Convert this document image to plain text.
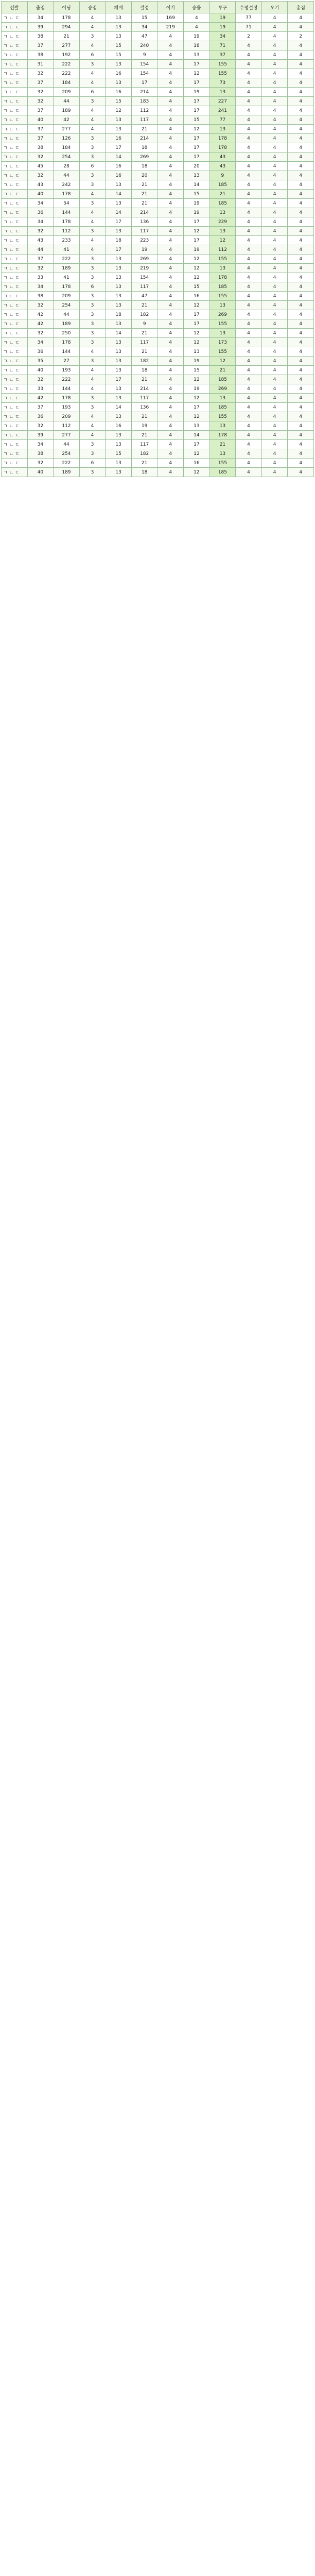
선발	출점	이닝	승점	패배	결정	이기	승률	투구	수평결정	오기	총점
ㄱ ㄴ ㄷ	34	178	4	13	15	169	4	19	77	4	4
ㄱ ㄴ ㄷ	39	294	4	13	34	219	4	19	71	4	4
ㄱ ㄴ ㄷ	38	21	3	13	47	4	19	34	2	4	2
ㄱ ㄴ ㄷ	37	277	4	15	240	4	18	71	4	4	4
ㄱ ㄴ ㄷ	38	192	6	15	9	4	13	37	4	4	4
ㄱ ㄴ ㄷ	31	222	3	13	154	4	17	155	4	4	4
ㄱ ㄴ ㄷ	32	222	4	16	154	4	12	155	4	4	4
ㄱ ㄴ ㄷ	37	184	4	13	17	4	17	73	4	4	4
ㄱ ㄴ ㄷ	32	209	6	16	214	4	19	13	4	4	4
ㄱ ㄴ ㄷ	32	44	3	15	183	4	17	227	4	4	4
ㄱ ㄴ ㄷ	37	189	4	12	112	4	17	241	4	4	4
ㄱ ㄴ ㄷ	40	42	4	13	117	4	15	77	4	4	4
ㄱ ㄴ ㄷ	37	277	4	13	21	4	12	13	4	4	4
ㄱ ㄴ ㄷ	37	126	3	16	214	4	17	178	4	4	4
ㄱ ㄴ ㄷ	38	184	3	17	18	4	17	178	4	4	4
ㄱ ㄴ ㄷ	32	254	3	14	269	4	17	43	4	4	4
ㄱ ㄴ ㄷ	45	28	6	16	18	4	20	43	4	4	4
ㄱ ㄴ ㄷ	32	44	3	16	20	4	13	9	4	4	4
ㄱ ㄴ ㄷ	43	242	3	13	21	4	14	185	4	4	4
ㄱ ㄴ ㄷ	40	178	4	14	21	4	15	21	4	4	4
ㄱ ㄴ ㄷ	34	54	3	13	21	4	19	185	4	4	4
ㄱ ㄴ ㄷ	36	144	4	14	214	4	19	13	4	4	4
ㄱ ㄴ ㄷ	34	178	4	17	136	4	17	229	4	4	4
ㄱ ㄴ ㄷ	32	112	3	13	117	4	12	13	4	4	4
ㄱ ㄴ ㄷ	43	233	4	18	223	4	17	12	4	4	4
ㄱ ㄴ ㄷ	44	41	4	17	19	4	19	112	4	4	4
ㄱ ㄴ ㄷ	37	222	3	13	269	4	12	155	4	4	4
ㄱ ㄴ ㄷ	32	189	3	13	219	4	12	13	4	4	4
ㄱ ㄴ ㄷ	33	41	3	13	154	4	12	178	4	4	4
ㄱ ㄴ ㄷ	34	178	6	13	117	4	15	185	4	4	4
ㄱ ㄴ ㄷ	38	209	3	13	47	4	16	155	4	4	4
ㄱ ㄴ ㄷ	32	254	3	13	21	4	12	13	4	4	4
ㄱ ㄴ ㄷ	42	44	3	18	182	4	17	269	4	4	4
ㄱ ㄴ ㄷ	42	189	3	13	9	4	17	155	4	4	4
ㄱ ㄴ ㄷ	32	250	3	14	21	4	12	13	4	4	4
ㄱ ㄴ ㄷ	34	178	3	13	117	4	12	173	4	4	4
ㄱ ㄴ ㄷ	36	144	4	13	21	4	13	155	4	4	4
ㄱ ㄴ ㄷ	35	27	3	13	182	4	19	12	4	4	4
ㄱ ㄴ ㄷ	40	193	4	13	18	4	15	21	4	4	4
ㄱ ㄴ ㄷ	32	222	4	17	21	4	12	185	4	4	4
ㄱ ㄴ ㄷ	33	144	4	13	214	4	19	269	4	4	4
ㄱ ㄴ ㄷ	42	178	3	13	117	4	12	13	4	4	4
ㄱ ㄴ ㄷ	37	193	3	14	136	4	17	185	4	4	4
ㄱ ㄴ ㄷ	36	209	4	13	21	4	12	155	4	4	4
ㄱ ㄴ ㄷ	32	112	4	16	19	4	13	13	4	4	4
ㄱ ㄴ ㄷ	39	277	4	13	21	4	14	178	4	4	4
ㄱ ㄴ ㄷ	34	44	3	13	117	4	17	21	4	4	4
ㄱ ㄴ ㄷ	38	254	3	15	182	4	12	13	4	4	4
ㄱ ㄴ ㄷ	32	222	6	13	21	4	16	155	4	4	4
ㄱ ㄴ ㄷ	40	189	3	13	18	4	12	185	4	4	4
